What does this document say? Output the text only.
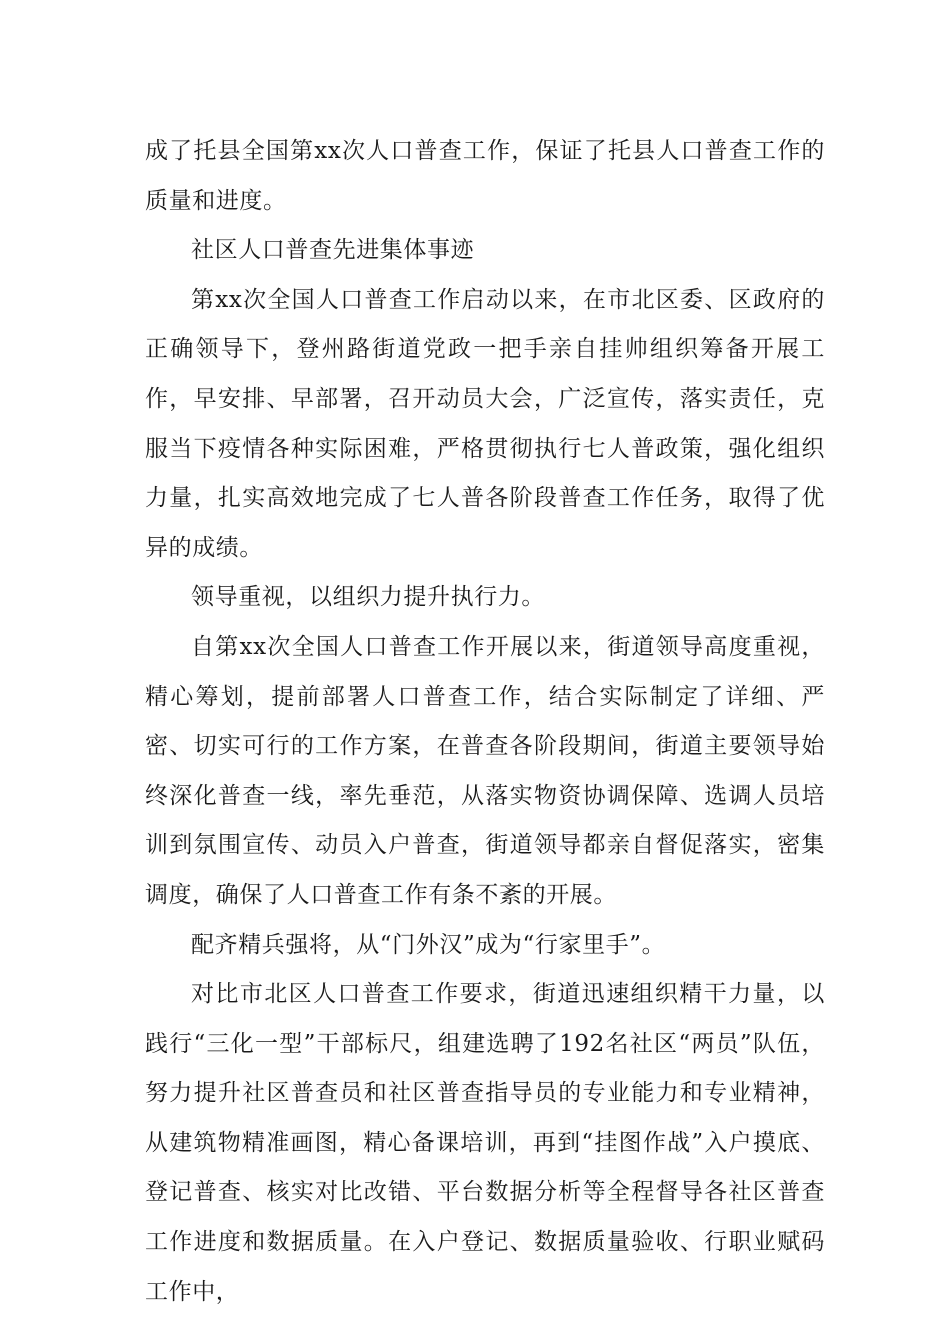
成了托县全国第xx次人口普查工作，保证了托县人口普查工作的质量和进度。

社区人口普查先进集体事迹

第xx次全国人口普查工作启动以来，在市北区委、区政府的正确领导下，登州路街道党政一把手亲自挂帅组织筹备开展工作，早安排、早部署，召开动员大会，广泛宣传，落实责任，克服当下疫情各种实际困难，严格贯彻执行七人普政策，强化组织力量，扎实高效地完成了七人普各阶段普查工作任务，取得了优异的成绩。

领导重视，以组织力提升执行力。

自第xx次全国人口普查工作开展以来，街道领导高度重视，精心筹划，提前部署人口普查工作，结合实际制定了详细、严密、切实可行的工作方案，在普查各阶段期间，街道主要领导始终深化普查一线，率先垂范，从落实物资协调保障、选调人员培训到氛围宣传、动员入户普查，街道领导都亲自督促落实，密集调度，确保了人口普查工作有条不紊的开展。

配齐精兵强将，从“门外汉”成为“行家里手”。

对比市北区人口普查工作要求，街道迅速组织精干力量，以践行“三化一型”干部标尺，组建选聘了192名社区“两员”队伍，努力提升社区普查员和社区普查指导员的专业能力和专业精神，从建筑物精准画图，精心备课培训，再到“挂图作战”入户摸底、登记普查、核实对比改错、平台数据分析等全程督导各社区普查工作进度和数据质量。在入户登记、数据质量验收、行职业赋码工作中，
